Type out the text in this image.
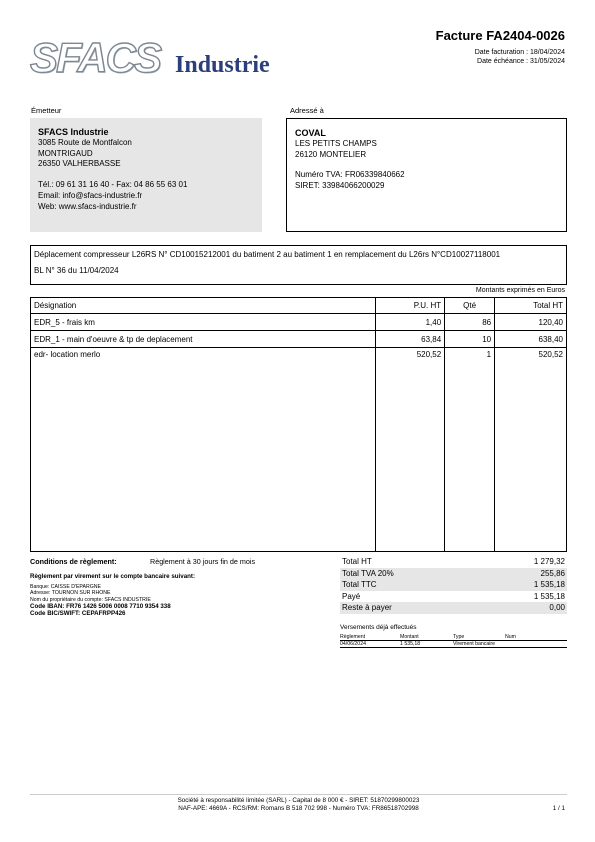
SFACS Industrie
Facture FA2404-0026
Date facturation : 18/04/2024
Date échéance : 31/05/2024
Émetteur	Adressé à
SFACS Industrie
3085 Route de Montfalcon
MONTRIGAUD
26350 VALHERBASSE
Tél.: 09 61 31 16 40 - Fax: 04 86 55 63 01
Email: info@sfacs-industrie.fr
Web: www.sfacs-industrie.fr
COVAL
LES PETITS CHAMPS
26120 MONTELIER
Numéro TVA: FR06339840662
SIRET: 33984066200029
Déplacement compresseur L26RS N° CD10015212001 du batiment 2 au batiment 1 en remplacement du L26rs N°CD10027118001
BL N° 36 du 11/04/2024
Montants exprimés en Euros
Désignation	P.U. HT	Qté	Total HT
EDR_5 - frais km	1,40	86	120,40
EDR_1 - main d'oeuvre & tp de deplacement	63,84	10	638,40
edr- location merlo	520,52	1	520,52
Conditions de règlement:	Règlement à 30 jours fin de mois
Règlement par virement sur le compte bancaire suivant:
Banque: CAISSE D'EPARGNE
Adresse: TOURNON SUR RHONE
Nom du propriétaire du compte: SFACS INDUSTRIE
Code IBAN: FR76 1426 5006 0008 7710 9354 338
Code BIC/SWIFT: CEPAFRPP426
Total HT	1 279,32
Total TVA 20%	255,86
Total TTC	1 535,18
Payé	1 535,18
Reste à payer	0,00
Versements déjà effectués
Règlement	Montant	Type	Num
04/06/2024	1 535,18	Virement bancaire
Société à responsabilité limitée (SARL) - Capital de 8 000 € - SIRET: 51870299800023
NAF-APE: 4669A - RCS/RM: Romans B 518 702 998 - Numéro TVA: FR86518702998	1 / 1
